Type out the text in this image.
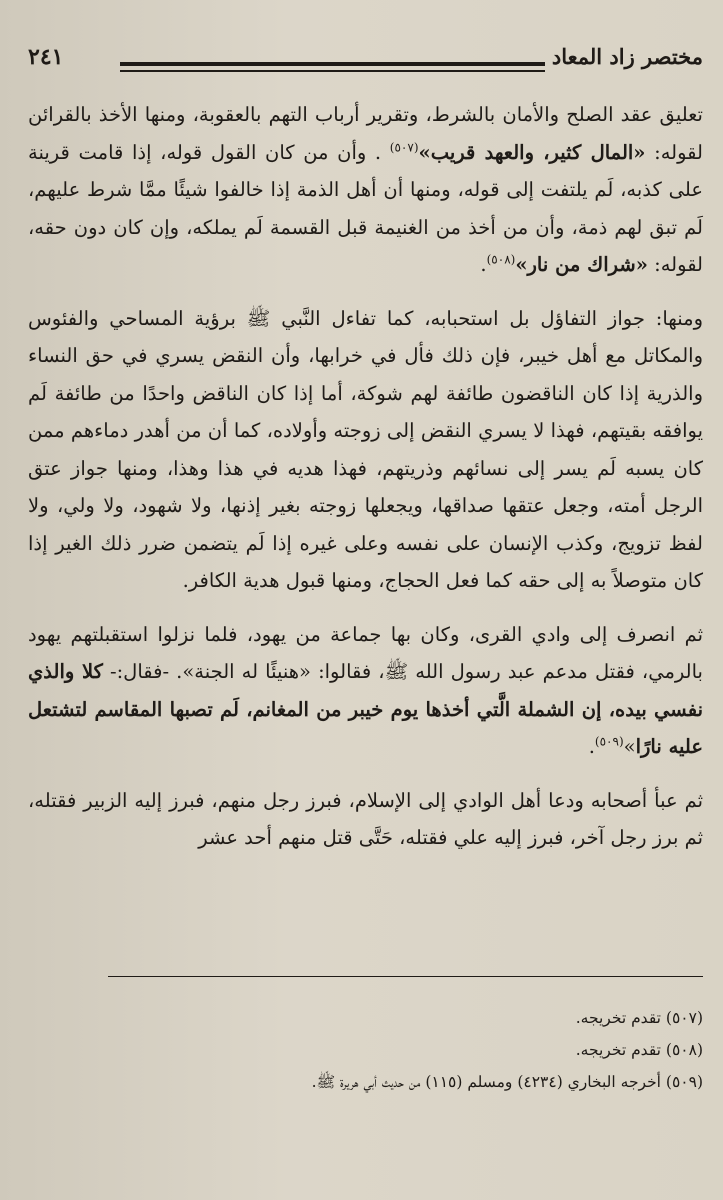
مختصر زاد المعاد
٢٤١

تعليق عقد الصلح والأمان بالشرط، وتقرير أرباب التهم بالعقوبة، ومنها الأخذ بالقرائن لقوله: «المال كثير، والعهد قريب»$^{(٥٠٧)}$ . وأن من كان القول قوله، إذا قامت قرينة على كذبه، لَم يلتفت إلى قوله، ومنها أن أهل الذمة إذا خالفوا شيئًا ممَّا شرط عليهم، لَم تبق لهم ذمة، وأن من أخذ من الغنيمة قبل القسمة لَم يملكه، وإن كان دون حقه، لقوله: «شراك من نار»$^{(٥٠٨)}$.

ومنها: جواز التفاؤل بل استحبابه، كما تفاءل النَّبي ﷺ برؤية المساحي والفئوس والمكاتل مع أهل خيبر، فإن ذلك فأل في خرابها، وأن النقض يسري في حق النساء والذرية إذا كان الناقضون طائفة لهم شوكة، أما إذا كان الناقض واحدًا من طائفة لَم يوافقه بقيتهم، فهذا لا يسري النقض إلى زوجته وأولاده، كما أن من أهدر دماءهم ممن كان يسبه لَم يسر إلى نسائهم وذريتهم، فهذا هديه في هذا وهذا، ومنها جواز عتق الرجل أمته، وجعل عتقها صداقها، ويجعلها زوجته بغير إذنها، ولا شهود، ولا ولي، ولا لفظ تزويج، وكذب الإنسان على نفسه وعلى غيره إذا لَم يتضمن ضرر ذلك الغير إذا كان متوصلاً به إلى حقه كما فعل الحجاج، ومنها قبول هدية الكافر.

ثم انصرف إلى وادي القرى، وكان بها جماعة من يهود، فلما نزلوا استقبلتهم يهود بالرمي، فقتل مدعم عبد رسول الله ﷺ، فقالوا: «هنيئًا له الجنة». -فقال:- كلا والذي نفسي بيده، إن الشملة الَّتي أخذها يوم خيبر من المغانم، لَم تصبها المقاسم لتشتعل عليه نارًا»$^{(٥٠٩)}$.

ثم عبأ أصحابه ودعا أهل الوادي إلى الإسلام، فبرز رجل منهم، فبرز إليه الزبير فقتله، ثم برز رجل آخر، فبرز إليه علي فقتله، حَتَّى قتل منهم أحد عشر

(٥٠٧) تقدم تخريجه.
(٥٠٨) تقدم تخريجه.
(٥٠٩) أخرجه البخاري (٤٢٣٤) ومسلم (١١٥) من حديث أبي هريرة ﷺ.
